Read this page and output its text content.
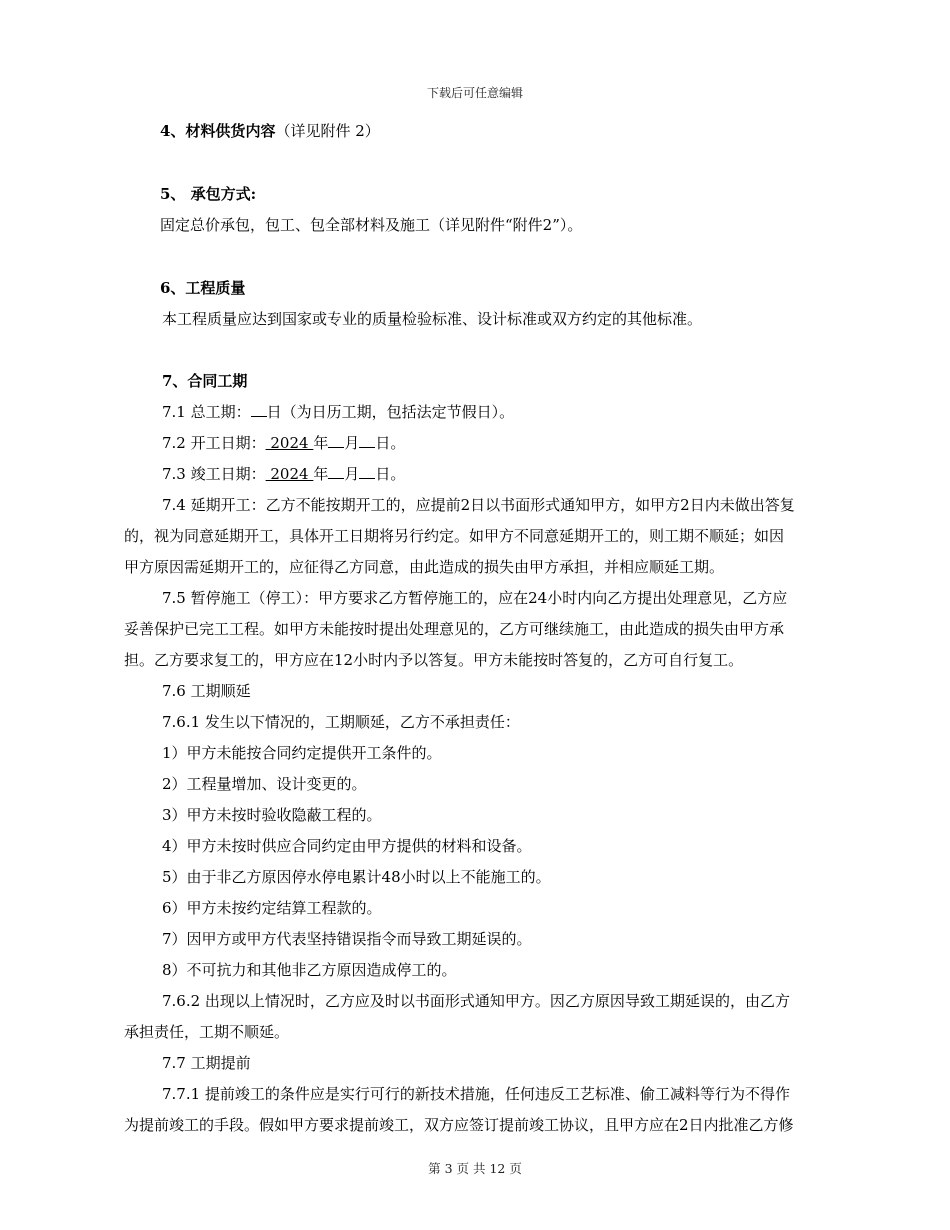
下载后可任意编辑
4、材料供货内容（详见附件 2）
5、 承包方式:
固定总价承包，包工、包全部材料及施工（详见附件“附件2”）。
6、工程质量
本工程质量应达到国家或专业的质量检验标准、设计标准或双方约定的其他标准。
7、合同工期
7.1 总工期： 日（为日历工期，包括法定节假日）。
7.2 开工日期： 2024 年 月 日。
7.3 竣工日期： 2024 年 月 日。
7.4 延期开工：乙方不能按期开工的，应提前2日以书面形式通知甲方，如甲方2日内未做出答复
的，视为同意延期开工，具体开工日期将另行约定。如甲方不同意延期开工的，则工期不顺延；如因
甲方原因需延期开工的，应征得乙方同意，由此造成的损失由甲方承担，并相应顺延工期。
7.5 暂停施工（停工）：甲方要求乙方暂停施工的，应在24小时内向乙方提出处理意见，乙方应
妥善保护已完工工程。如甲方未能按时提出处理意见的，乙方可继续施工，由此造成的损失由甲方承
担。乙方要求复工的，甲方应在12小时内予以答复。甲方未能按时答复的，乙方可自行复工。
7.6 工期顺延
7.6.1 发生以下情况的，工期顺延，乙方不承担责任：
1）甲方未能按合同约定提供开工条件的。
2）工程量增加、设计变更的。
3）甲方未按时验收隐蔽工程的。
4）甲方未按时供应合同约定由甲方提供的材料和设备。
5）由于非乙方原因停水停电累计48小时以上不能施工的。
6）甲方未按约定结算工程款的。
7）因甲方或甲方代表坚持错误指令而导致工期延误的。
8）不可抗力和其他非乙方原因造成停工的。
7.6.2 出现以上情况时，乙方应及时以书面形式通知甲方。因乙方原因导致工期延误的，由乙方
承担责任，工期不顺延。
7.7 工期提前
7.7.1 提前竣工的条件应是实行可行的新技术措施，任何违反工艺标准、偷工减料等行为不得作
为提前竣工的手段。假如甲方要求提前竣工，双方应签订提前竣工协议，且甲方应在2日内批准乙方修
第 3 页 共 12 页
